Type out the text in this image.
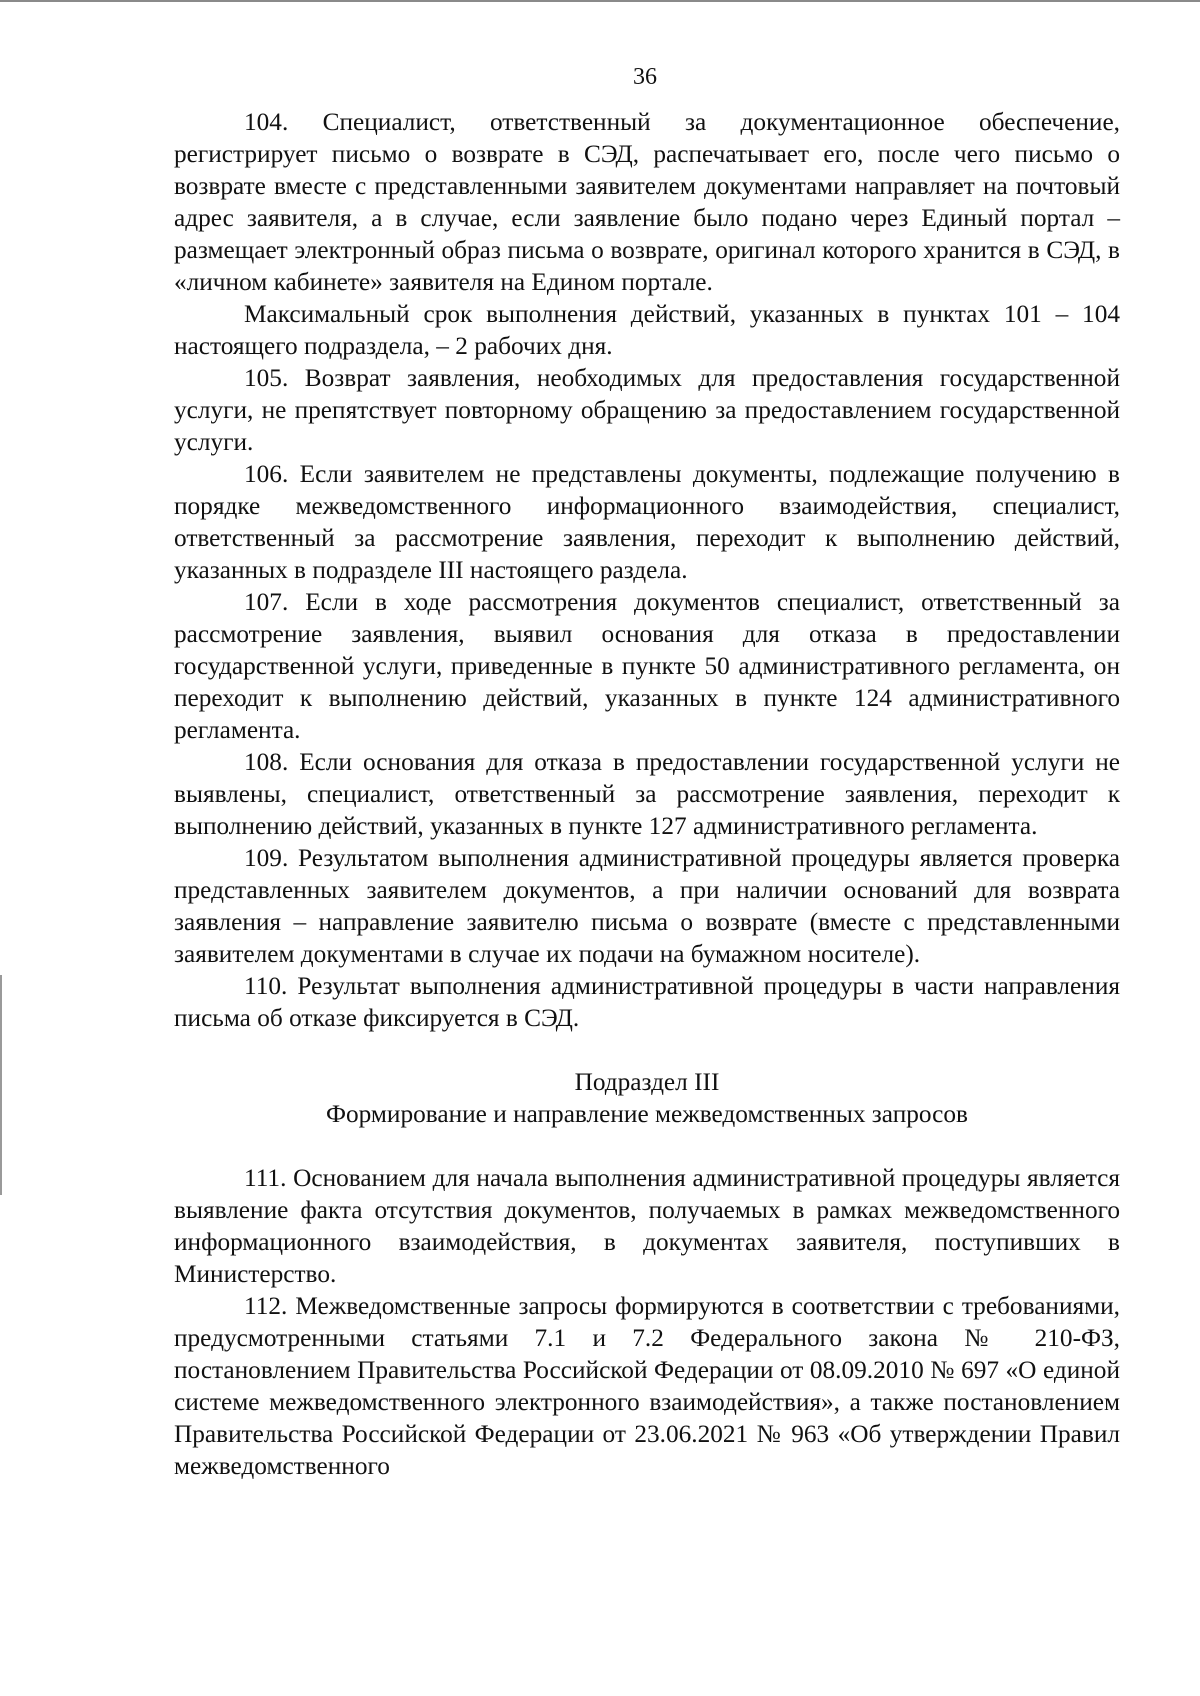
36

104. Специалист, ответственный за документационное обеспечение, регистрирует письмо о возврате в СЭД, распечатывает его, после чего письмо о возврате вместе с представленными заявителем документами направляет на почтовый адрес заявителя, а в случае, если заявление было подано через Единый портал – размещает электронный образ письма о возврате, оригинал которого хранится в СЭД, в «личном кабинете» заявителя на Едином портале.

Максимальный срок выполнения действий, указанных в пунктах 101 – 104 настоящего подраздела, – 2 рабочих дня.

105. Возврат заявления, необходимых для предоставления государственной услуги, не препятствует повторному обращению за предоставлением государственной услуги.

106. Если заявителем не представлены документы, подлежащие получению в порядке межведомственного информационного взаимодействия, специалист, ответственный за рассмотрение заявления, переходит к выполнению действий, указанных в подразделе III настоящего раздела.

107. Если в ходе рассмотрения документов специалист, ответственный за рассмотрение заявления, выявил основания для отказа в предоставлении государственной услуги, приведенные в пункте 50 административного регламента, он переходит к выполнению действий, указанных в пункте 124 административного регламента.

108. Если основания для отказа в предоставлении государственной услуги не выявлены, специалист, ответственный за рассмотрение заявления, переходит к выполнению действий, указанных в пункте 127 административного регламента.

109. Результатом выполнения административной процедуры является проверка представленных заявителем документов, а при наличии оснований для возврата заявления – направление заявителю письма о возврате (вместе с представленными заявителем документами в случае их подачи на бумажном носителе).

110. Результат выполнения административной процедуры в части направления письма об отказе фиксируется в СЭД.

Подраздел III

Формирование и направление межведомственных запросов

111. Основанием для начала выполнения административной процедуры является выявление факта отсутствия документов, получаемых в рамках межведомственного информационного взаимодействия, в документах заявителя, поступивших в Министерство.

112. Межведомственные запросы формируются в соответствии с требованиями, предусмотренными статьями 7.1 и 7.2 Федерального закона № 210-ФЗ, постановлением Правительства Российской Федерации от 08.09.2010 № 697 «О единой системе межведомственного электронного взаимодействия», а также постановлением Правительства Российской Федерации от 23.06.2021 № 963 «Об утверждении Правил межведомственного
